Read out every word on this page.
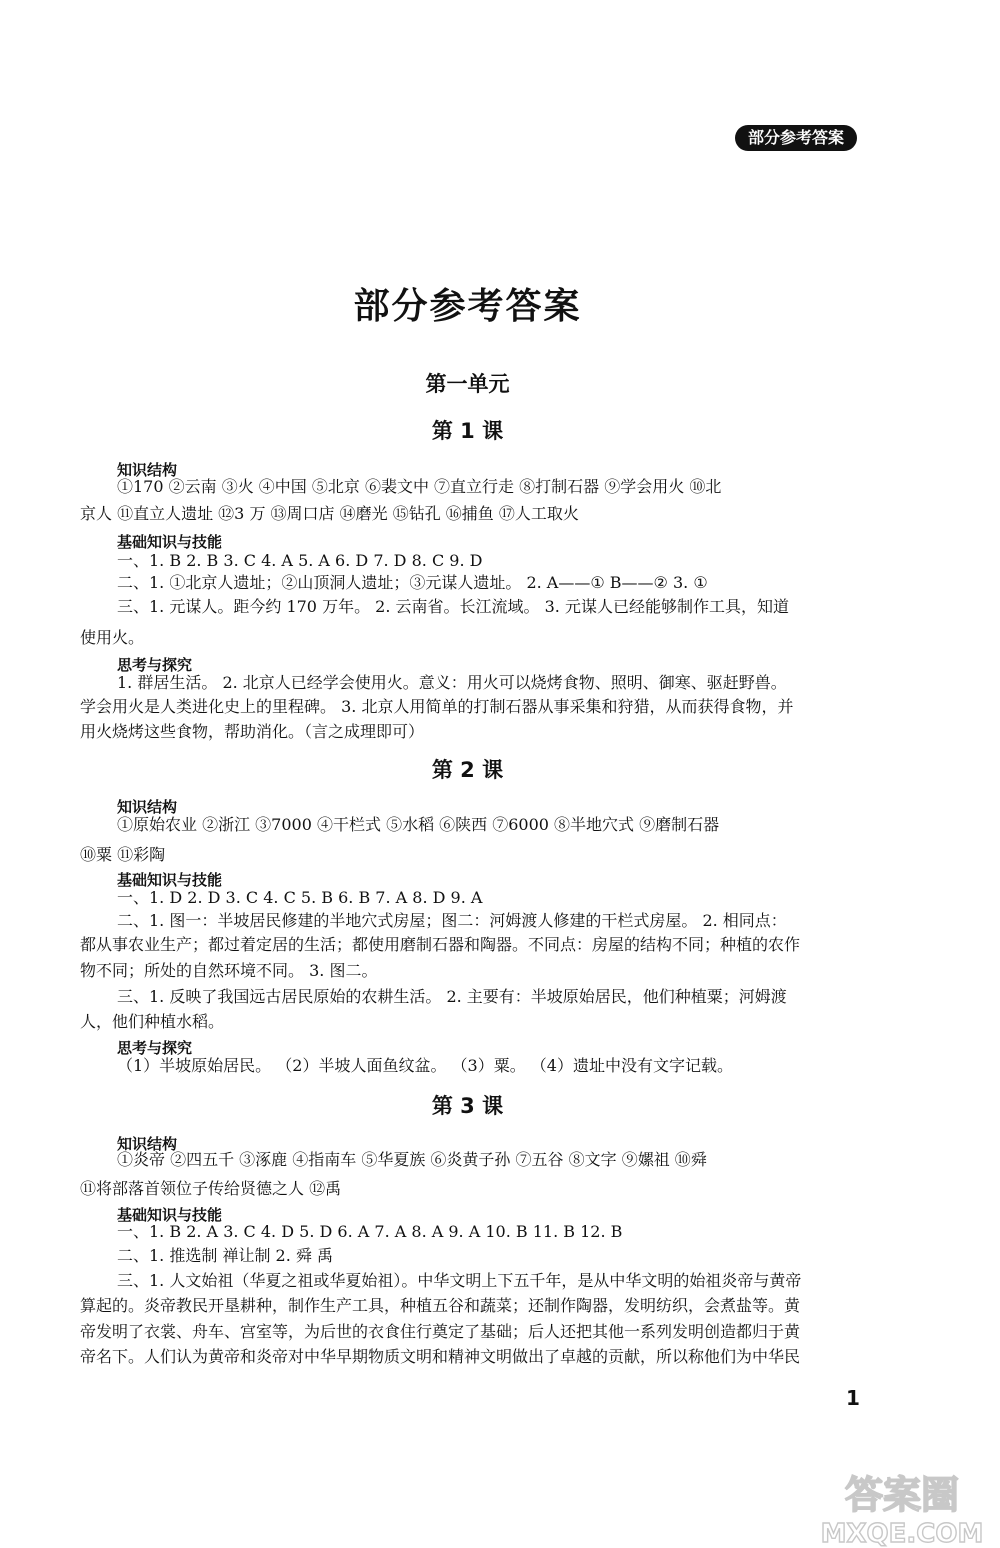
部分参考答案
部分参考答案
第一单元
第 1 课
知识结构
①170 ②云南 ③火 ④中国 ⑤北京 ⑥裴文中 ⑦直立行走 ⑧打制石器 ⑨学会用火 ⑩北
京人 ⑪直立人遗址 ⑫3 万 ⑬周口店 ⑭磨光 ⑮钻孔 ⑯捕鱼 ⑰人工取火
基础知识与技能
一、1. B 2. B 3. C 4. A 5. A 6. D 7. D 8. C 9. D
二、1. ①北京人遗址；②山顶洞人遗址；③元谋人遗址。 2. A——① B——② 3. ①
三、1. 元谋人。距今约 170 万年。 2. 云南省。长江流域。 3. 元谋人已经能够制作工具，知道
使用火。
思考与探究
1. 群居生活。 2. 北京人已经学会使用火。意义：用火可以烧烤食物、照明、御寒、驱赶野兽。
学会用火是人类进化史上的里程碑。 3. 北京人用简单的打制石器从事采集和狩猎，从而获得食物，并
用火烧烤这些食物，帮助消化。（言之成理即可）
第 2 课
知识结构
①原始农业 ②浙江 ③7000 ④干栏式 ⑤水稻 ⑥陕西 ⑦6000 ⑧半地穴式 ⑨磨制石器
⑩粟 ⑪彩陶
基础知识与技能
一、1. D 2. D 3. C 4. C 5. B 6. B 7. A 8. D 9. A
二、1. 图一：半坡居民修建的半地穴式房屋；图二：河姆渡人修建的干栏式房屋。 2. 相同点：
都从事农业生产；都过着定居的生活；都使用磨制石器和陶器。不同点：房屋的结构不同；种植的农作
物不同；所处的自然环境不同。 3. 图二。
三、1. 反映了我国远古居民原始的农耕生活。 2. 主要有：半坡原始居民，他们种植粟；河姆渡
人，他们种植水稻。
思考与探究
（1）半坡原始居民。 （2）半坡人面鱼纹盆。 （3）粟。 （4）遗址中没有文字记载。
第 3 课
知识结构
①炎帝 ②四五千 ③涿鹿 ④指南车 ⑤华夏族 ⑥炎黄子孙 ⑦五谷 ⑧文字 ⑨嫘祖 ⑩舜
⑪将部落首领位子传给贤德之人 ⑫禹
基础知识与技能
一、1. B 2. A 3. C 4. D 5. D 6. A 7. A 8. A 9. A 10. B 11. B 12. B
二、1. 推选制 禅让制 2. 舜 禹
三、1. 人文始祖（华夏之祖或华夏始祖）。中华文明上下五千年，是从中华文明的始祖炎帝与黄帝
算起的。炎帝教民开垦耕种，制作生产工具，种植五谷和蔬菜；还制作陶器，发明纺织，会煮盐等。黄
帝发明了衣裳、舟车、宫室等，为后世的衣食住行奠定了基础；后人还把其他一系列发明创造都归于黄
帝名下。人们认为黄帝和炎帝对中华早期物质文明和精神文明做出了卓越的贡献，所以称他们为中华民
1
答案圈
MXQE.COM
